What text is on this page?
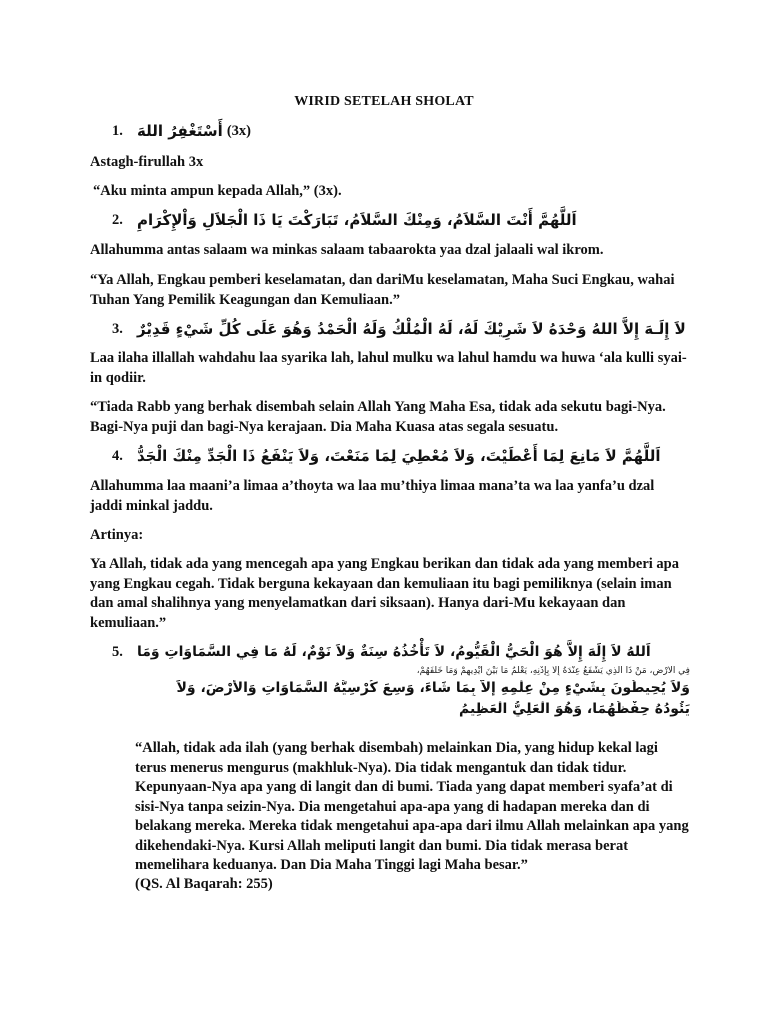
WIRID SETELAH SHOLAT
1. أَسْتَغْفِرُ اللهَ (3x)

Astagh-firullah 3x

“Aku minta ampun kepada Allah,” (3x).

2. اَللَّهُمَّ أَنْتَ السَّلاَمُ، وَمِنْكَ السَّلاَمُ، تَبَارَكْتَ يَا ذَا الْجَلاَلِ وَاْلإِكْرَامِ

Allahumma antas salaam wa minkas salaam tabaarokta yaa dzal jalaali wal ikrom.

“Ya Allah, Engkau pemberi keselamatan, dan dariMu keselamatan, Maha Suci Engkau, wahai Tuhan Yang Pemilik Keagungan dan Kemuliaan.”

3. لاَ إِلَـهَ إِلاَّ اللهُ وَحْدَهُ لاَ شَرِيْكَ لَهُ، لَهُ الْمُلْكُ وَلَهُ الْحَمْدُ وَهُوَ عَلَى كُلِّ شَيْءٍ قَدِيْرٌ

Laa ilaha illallah wahdahu laa syarika lah, lahul mulku wa lahul hamdu wa huwa ‘ala kulli syai-in qodiir.

“Tiada Rabb yang berhak disembah selain Allah Yang Maha Esa, tidak ada sekutu bagi-Nya. Bagi-Nya puji dan bagi-Nya kerajaan. Dia Maha Kuasa atas segala sesuatu.

4. اَللَّهُمَّ لاَ مَانِعَ لِمَا أَعْطَيْتَ، وَلاَ مُعْطِيَ لِمَا مَنَعْتَ، وَلاَ يَنْفَعُ ذَا الْجَدِّ مِنْكَ الْجَدُّ

Allahumma laa maani’a limaa a’thoyta wa laa mu’thiya limaa mana’ta wa laa yanfa’u dzal jaddi minkal jaddu.

Artinya:

Ya Allah, tidak ada yang mencegah apa yang Engkau berikan dan tidak ada yang memberi apa yang Engkau cegah. Tidak berguna kekayaan dan kemuliaan itu bagi pemiliknya (selain iman dan amal shalihnya yang menyelamatkan dari siksaan). Hanya dari-Mu kekayaan dan kemuliaan.”

5.	اَللهُ لاَ إِلَهَ إِلاَّ هُوَ الْحَيُّ الْقَيُّومُ، لاَ تَأْخُذُهُ سِنَةٌ وَلاَ نَوْمٌ، لَهُ مَا فِي السَّمَاوَاتِ وَمَا
فِي الأَرْضِ، مَنْ ذَا الَّذِي يَشْفَعُ عِنْدَهُ إِلاَّ بِإِذْنِهِ، يَعْلَمُ مَا بَيْنَ أَيْدِيهِمْ وَمَا خَلْفَهُمْ،
وَلاَ يُحِيطُونَ بِشَيْءٍ مِنْ عِلْمِهِ إِلاَّ بِمَا شَاءَ، وَسِعَ كُرْسِيُّهُ السَّمَاوَاتِ وَالأَرْضَ، وَلاَ
يَئُودُهُ حِفْظُهُمَا، وَهُوَ الْعَلِيُّ الْعَظِيمُ

“Allah, tidak ada ilah (yang berhak disembah) melainkan Dia, yang hidup kekal lagi terus menerus mengurus (makhluk-Nya). Dia tidak mengantuk dan tidak tidur. Kepunyaan-Nya apa yang di langit dan di bumi. Tiada yang dapat memberi syafa’at di sisi-Nya tanpa seizin-Nya. Dia mengetahui apa-apa yang di hadapan mereka dan di belakang mereka. Mereka tidak mengetahui apa-apa dari ilmu Allah melainkan apa yang dikehendaki-Nya. Kursi Allah meliputi langit dan bumi. Dia tidak merasa berat memelihara keduanya. Dan Dia Maha Tinggi lagi Maha besar.”

(QS. Al Baqarah: 255)
